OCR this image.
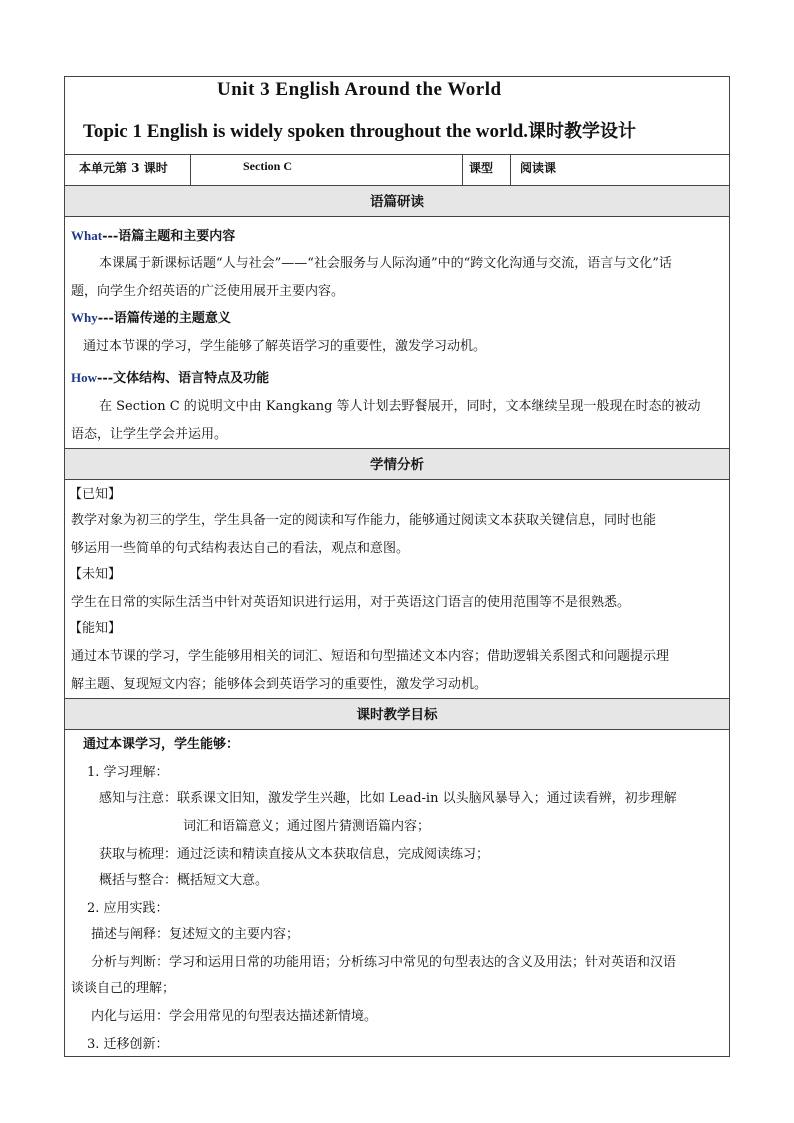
Unit 3 English Around the World
Topic 1 English is widely spoken throughout the world.课时教学设计
本单元第 3 课时	Section C	课型 阅读课
语篇研读
What---语篇主题和主要内容
本课属于新课标话题“人与社会”——“社会服务与人际沟通”中的“跨文化沟通与交流，语言与文化”话
题，向学生介绍英语的广泛使用展开主要内容。
Why---语篇传递的主题意义
通过本节课的学习，学生能够了解英语学习的重要性，激发学习动机。
How---文体结构、语言特点及功能
在 Section C 的说明文中由 Kangkang 等人计划去野餐展开，同时，文本继续呈现一般现在时态的被动
语态，让学生学会并运用。
学情分析
【已知】
教学对象为初三的学生，学生具备一定的阅读和写作能力，能够通过阅读文本获取关键信息，同时也能
够运用一些简单的句式结构表达自己的看法，观点和意图。
【未知】
学生在日常的实际生活当中针对英语知识进行运用，对于英语这门语言的使用范围等不是很熟悉。
【能知】
通过本节课的学习，学生能够用相关的词汇、短语和句型描述文本内容；借助逻辑关系图式和问题提示理
解主题、复现短文内容；能够体会到英语学习的重要性，激发学习动机。
课时教学目标
通过本课学习，学生能够：
1. 学习理解：
感知与注意：联系课文旧知，激发学生兴趣，比如 Lead-in 以头脑风暴导入；通过读看辨，初步理解
词汇和语篇意义；通过图片猜测语篇内容；
获取与梳理：通过泛读和精读直接从文本获取信息，完成阅读练习；
概括与整合：概括短文大意。
2. 应用实践：
描述与阐释：复述短文的主要内容；
分析与判断：学习和运用日常的功能用语；分析练习中常见的句型表达的含义及用法；针对英语和汉语
谈谈自己的理解；
内化与运用：学会用常见的句型表达描述新情境。
3. 迁移创新：
